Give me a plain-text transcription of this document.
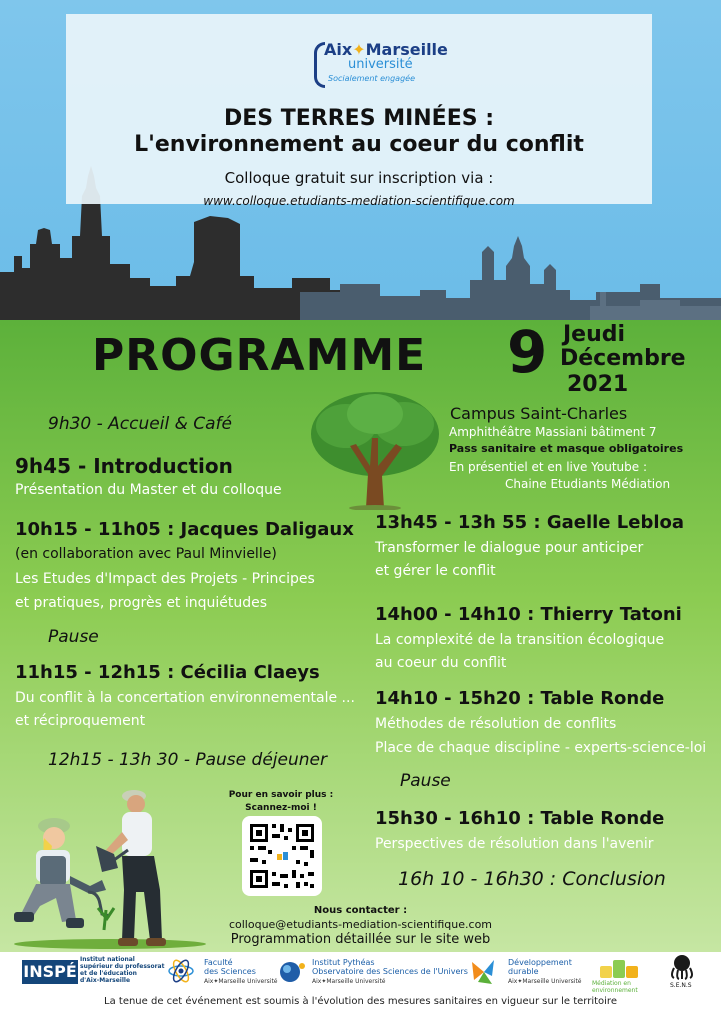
Aix✦Marseille
université
Socialement engagée
DES TERRES MINÉES :
L'environnement au coeur du conflit
Colloque gratuit sur inscription via :
www.colloque.etudiants-mediation-scientifique.com
PROGRAMME 9 Jeudi
Décembre
2021
Campus Saint-Charles
Amphithéâtre Massiani bâtiment 7
Pass sanitaire et masque obligatoires
En présentiel et en live Youtube :
Chaine Etudiants Médiation
9h30 - Accueil & Café
9h45 - Introduction
Présentation du Master et du colloque
10h15 - 11h05 : Jacques Daligaux
(en collaboration avec Paul Minvielle)
Les Etudes d'Impact des Projets - Principes
et pratiques, progrès et inquiétudes
Pause
11h15 - 12h15 : Cécilia Claeys
Du conflit à la concertation environnementale ...
et réciproquement
12h15 - 13h 30 - Pause déjeuner
13h45 - 13h 55 : Gaelle Lebloa
Transformer le dialogue pour anticiper
et gérer le conflit
14h00 - 14h10 : Thierry Tatoni
La complexité de la transition écologique
au coeur du conflit
14h10 - 15h20 : Table Ronde
Méthodes de résolution de conflits
Place de chaque discipline - experts-science-loi
Pause
15h30 - 16h10 : Table Ronde
Perspectives de résolution dans l'avenir
16h 10 - 16h30 : Conclusion
Pour en savoir plus :
Scannez-moi !
Nous contacter :
colloque@etudiants-mediation-scientifique.com
Programmation détaillée sur le site web
INSPÉ
Institut national
supérieur du professorat
et de l'éducation
d'Aix-Marseille
Faculté
des Sciences
Aix✦Marseille Université
Institut Pythéas
Observatoire des Sciences de l'Univers
Aix✦Marseille Université
Développement
durable
Aix✦Marseille Université Médiation en environnement
S.E.N.S
La tenue de cet événement est soumis à l'évolution des mesures sanitaires en vigueur sur le territoire
